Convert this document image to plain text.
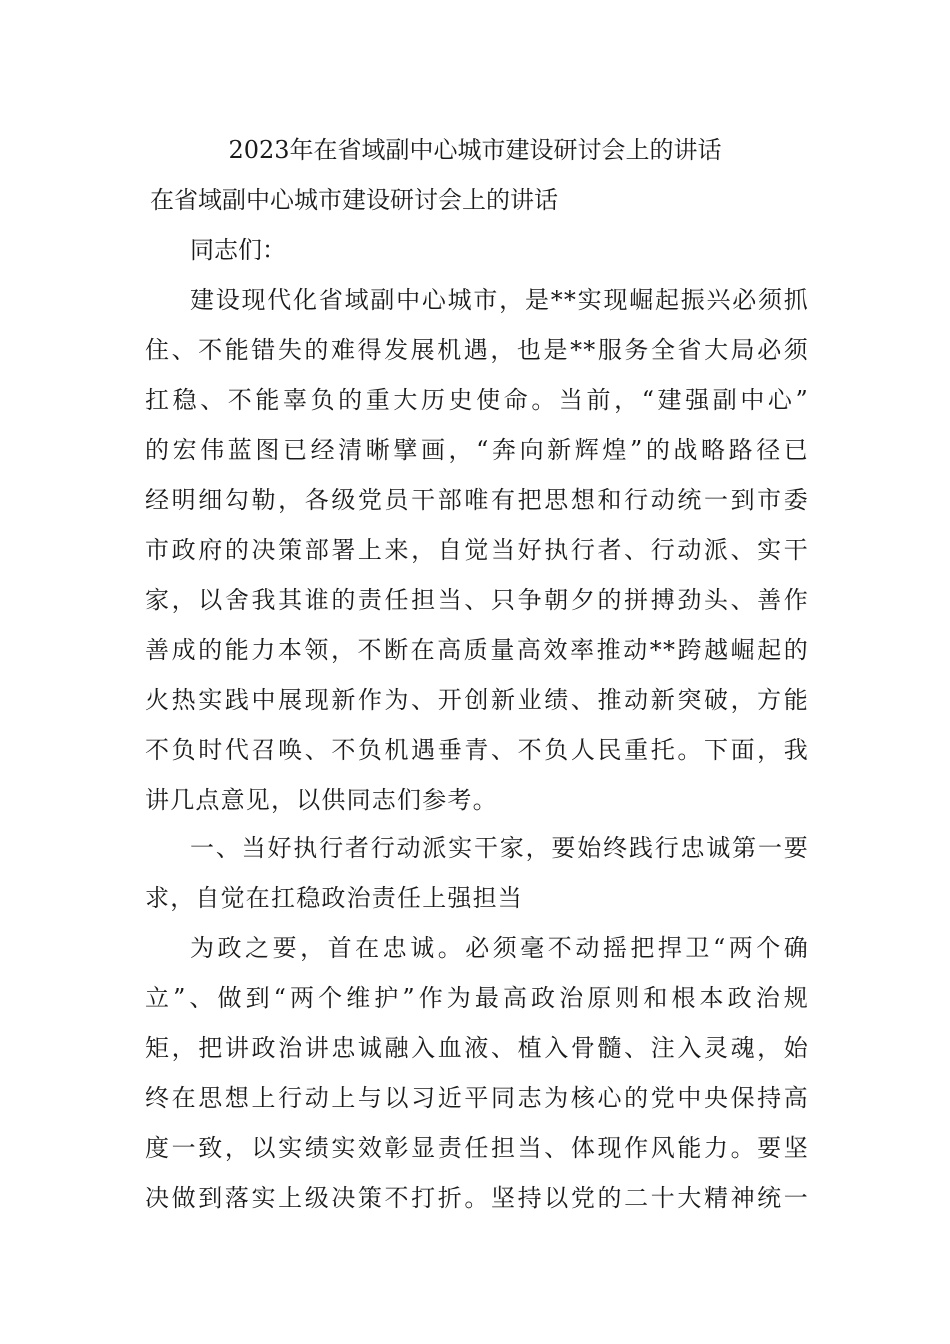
2023年在省域副中心城市建设研讨会上的讲话
在省域副中心城市建设研讨会上的讲话
同志们：
建设现代化省域副中心城市，是**实现崛起振兴必须抓
住、不能错失的难得发展机遇，也是**服务全省大局必须
扛稳、不能辜负的重大历史使命。当前，“建强副中心”
的宏伟蓝图已经清晰擘画，“奔向新辉煌”的战略路径已
经明细勾勒，各级党员干部唯有把思想和行动统一到市委
市政府的决策部署上来，自觉当好执行者、行动派、实干
家，以舍我其谁的责任担当、只争朝夕的拼搏劲头、善作
善成的能力本领，不断在高质量高效率推动**跨越崛起的
火热实践中展现新作为、开创新业绩、推动新突破，方能
不负时代召唤、不负机遇垂青、不负人民重托。下面，我
讲几点意见，以供同志们参考。
一、当好执行者行动派实干家，要始终践行忠诚第一要
求，自觉在扛稳政治责任上强担当
为政之要，首在忠诚。必须毫不动摇把捍卫“两个确
立”、做到“两个维护”作为最高政治原则和根本政治规
矩，把讲政治讲忠诚融入血液、植入骨髓、注入灵魂，始
终在思想上行动上与以习近平同志为核心的党中央保持高
度一致，以实绩实效彰显责任担当、体现作风能力。要坚
决做到落实上级决策不打折。坚持以党的二十大精神统一
